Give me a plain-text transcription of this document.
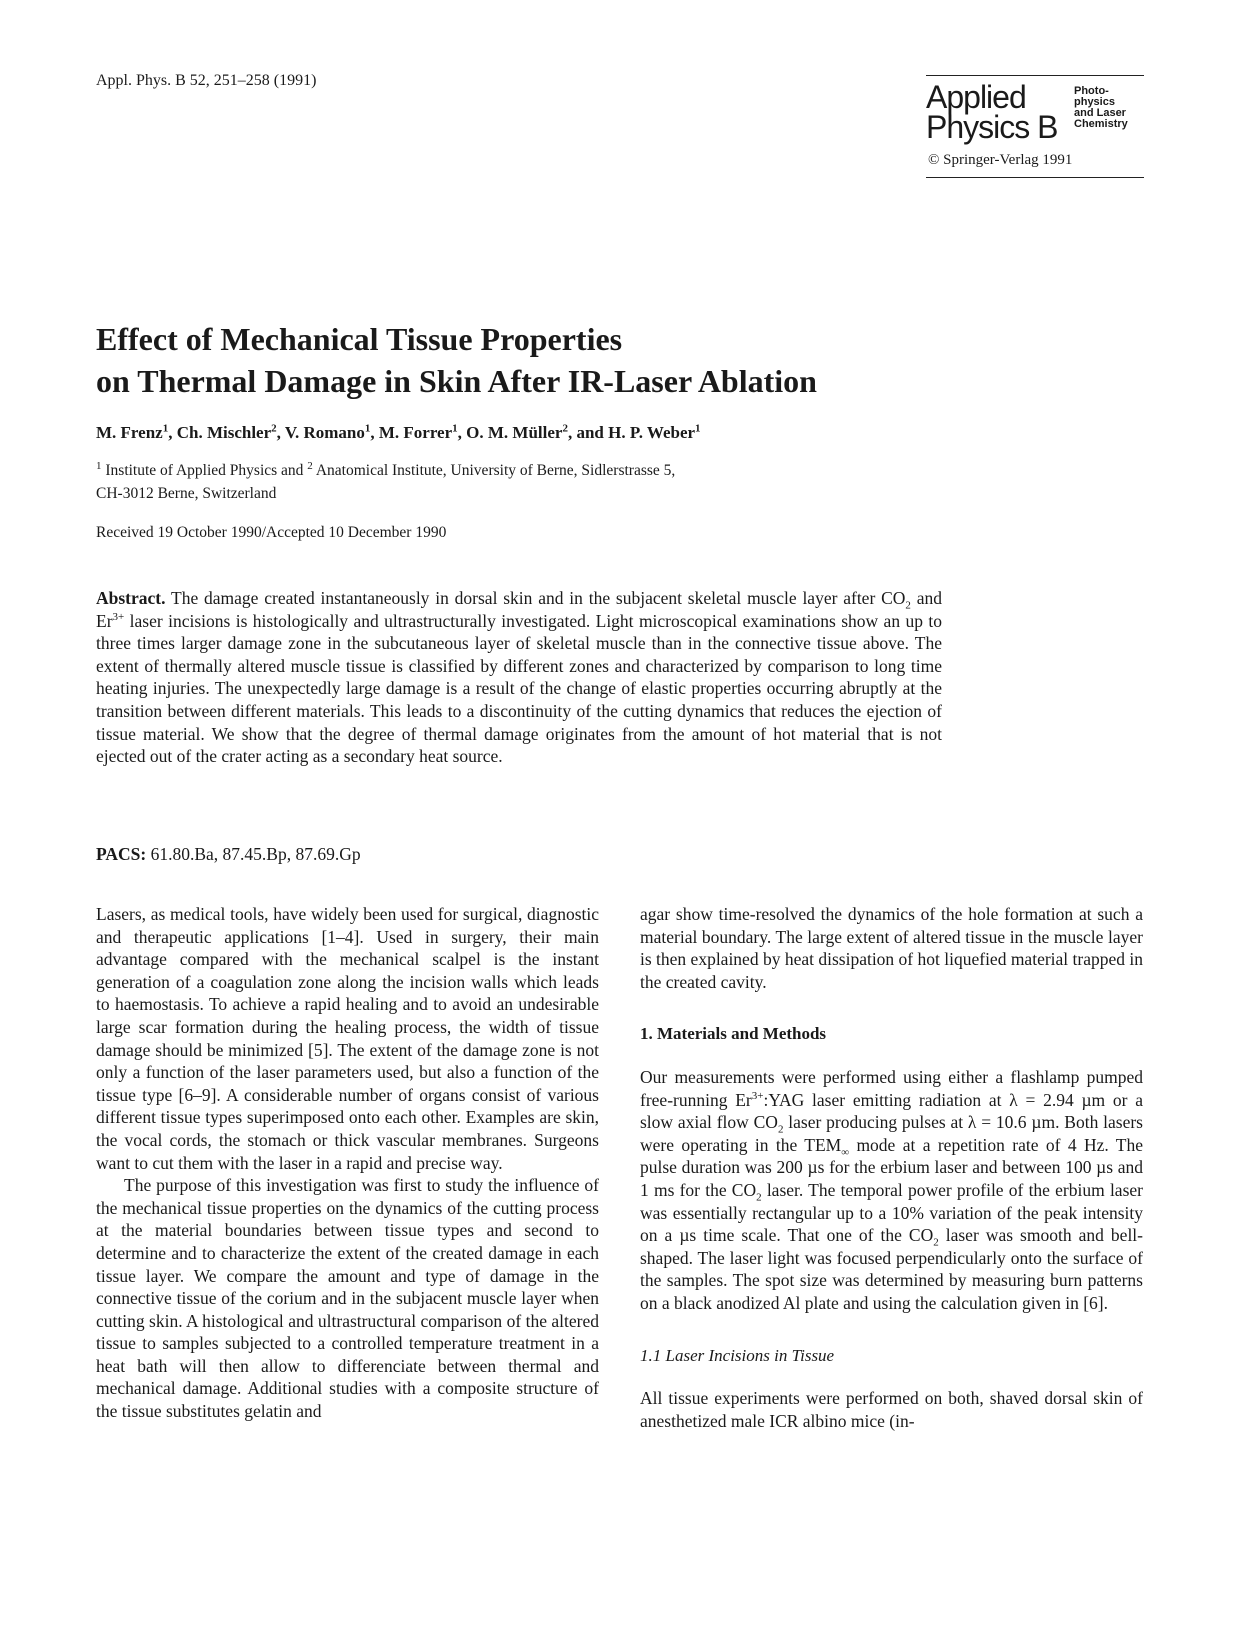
Appl. Phys. B 52, 251–258 (1991)	Applied
Physics B
Photo-
physics
and Laser
Chemistry
© Springer-Verlag 1991
Effect of Mechanical Tissue Properties
on Thermal Damage in Skin After IR-Laser Ablation
M. Frenz$^1$, Ch. Mischler$^2$, V. Romano$^1$, M. Forrer$^1$, O. M. Müller$^2$, and H. P. Weber$^1$
$^1$ Institute of Applied Physics and $^2$ Anatomical Institute, University of Berne, Sidlerstrasse 5,
CH-3012 Berne, Switzerland
Received 19 October 1990/Accepted 10 December 1990
Abstract. The damage created instantaneously in dorsal skin and in the subjacent skeletal muscle layer after $CO_2$ and $Er^{3+}$ laser incisions is histologically and ultrastructurally investigated. Light microscopical examinations show an up to three times larger damage zone in the subcutaneous layer of skeletal muscle than in the connective tissue above. The extent of thermally altered muscle tissue is classified by different zones and characterized by comparison to long time heating injuries. The unexpectedly large damage is a result of the change of elastic properties occurring abruptly at the transition between different materials. This leads to a discontinuity of the cutting dynamics that reduces the ejection of tissue material. We show that the degree of thermal damage originates from the amount of hot material that is not ejected out of the crater acting as a secondary heat source.
PACS: 61.80.Ba, 87.45.Bp, 87.69.Gp

Lasers, as medical tools, have widely been used for surgical, diagnostic and therapeutic applications [1–4]. Used in surgery, their main advantage compared with the mechanical scalpel is the instant generation of a coagulation zone along the incision walls which leads to haemostasis. To achieve a rapid healing and to avoid an undesirable large scar formation during the healing process, the width of tissue damage should be minimized [5]. The extent of the damage zone is not only a function of the laser parameters used, but also a function of the tissue type [6–9]. A considerable number of organs consist of various different tissue types superimposed onto each other. Examples are skin, the vocal cords, the stomach or thick vascular membranes. Surgeons want to cut them with the laser in a rapid and precise way.

The purpose of this investigation was first to study the influence of the mechanical tissue properties on the dynamics of the cutting process at the material boundaries between tissue types and second to determine and to characterize the extent of the created damage in each tissue layer. We compare the amount and type of damage in the connective tissue of the corium and in the subjacent muscle layer when cutting skin. A histological and ultrastructural comparison of the altered tissue to samples subjected to a controlled temperature treatment in a heat bath will then allow to differenciate between thermal and mechanical damage. Additional studies with a composite structure of the tissue substitutes gelatin and

agar show time-resolved the dynamics of the hole formation at such a material boundary. The large extent of altered tissue in the muscle layer is then explained by heat dissipation of hot liquefied material trapped in the created cavity.

1. Materials and Methods

Our measurements were performed using either a flashlamp pumped free-running $Er^{3+}:YAG$ laser emitting radiation at λ = 2.94 µm or a slow axial flow $CO_2$ laser producing pulses at λ = 10.6 µm. Both lasers were operating in the $TEM_\infty$ mode at a repetition rate of 4 Hz. The pulse duration was 200 µs for the erbium laser and between 100 µs and 1 ms for the $CO_2$ laser. The temporal power profile of the erbium laser was essentially rectangular up to a 10% variation of the peak intensity on a µs time scale. That one of the $CO_2$ laser was smooth and bell-shaped. The laser light was focused perpendicularly onto the surface of the samples. The spot size was determined by measuring burn patterns on a black anodized Al plate and using the calculation given in [6].

1.1 Laser Incisions in Tissue

All tissue experiments were performed on both, shaved dorsal skin of anesthetized male ICR albino mice (in-
